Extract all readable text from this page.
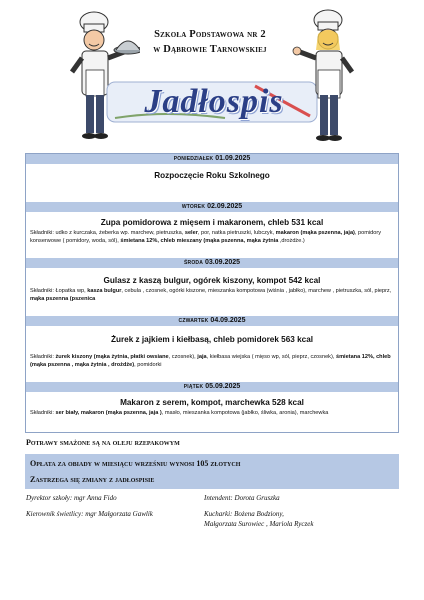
Szkoła Podstawowa nr 2
w Dąbrowie Tarnowskiej
Jadłospis
poniedziałek 01.09.2025
Rozpoczęcie Roku Szkolnego
wtorek 02.09.2025
Zupa pomidorowa z mięsem i makaronem, chleb 531 kcal
Składniki: udko z kurczaka, żeberka wp. marchew, pietruszka, seler, por, natka pietruszki, lubczyk, makaron (mąka pszenna, jaja), pomidory konserwowe ( pomidory, woda, sól), śmietana 12%, chleb mieszany (mąka pszenna, mąka żytnia ,drożdże.)
środa 03.09.2025
Gulasz z kaszą bulgur, ogórek kiszony, kompot 542 kcal
Składniki: Łopatka wp, kasza bulgur, cebula , czosnek, ogórki kiszone, mieszanka kompotowa (wiśnia , jabłko), marchew , pietruszka, sól, pieprz, mąka pszenna (pszenica
czwartek 04.09.2025
Żurek z jajkiem i kiełbasą, chleb pomidorek 563 kcal
Składniki: żurek kiszony (mąka żytnia, płatki owsiane, czosnek), jaja, kiełbasa wiejska ( mięso wp, sól, pieprz, czosnek), śmietana 12%, chleb (mąka pszenna , mąka żytnia , drożdże), pomidorki
piątek 05.09.2025
Makaron z serem, kompot, marchewka 528 kcal
Składniki: ser biały, makaron (mąka pszenna, jaja ), masło, mieszanka kompotowa (jabłko, śliwka, aronia), marchewka
Potrawy smażone są na oleju rzepakowym
Opłata za obiady w miesiącu wrześniu wynosi 105 złotych
Zastrzega się zmiany z jadłospisie
Dyrektor szkoły: mgr Anna Fido	Intendent: Dorota Gruszka
Kierownik świetlicy: mgr Małgorzata Gawlik	Kucharki: Bożena Bodziony,
Małgorzata Surowiec , Mariola Ryczek
